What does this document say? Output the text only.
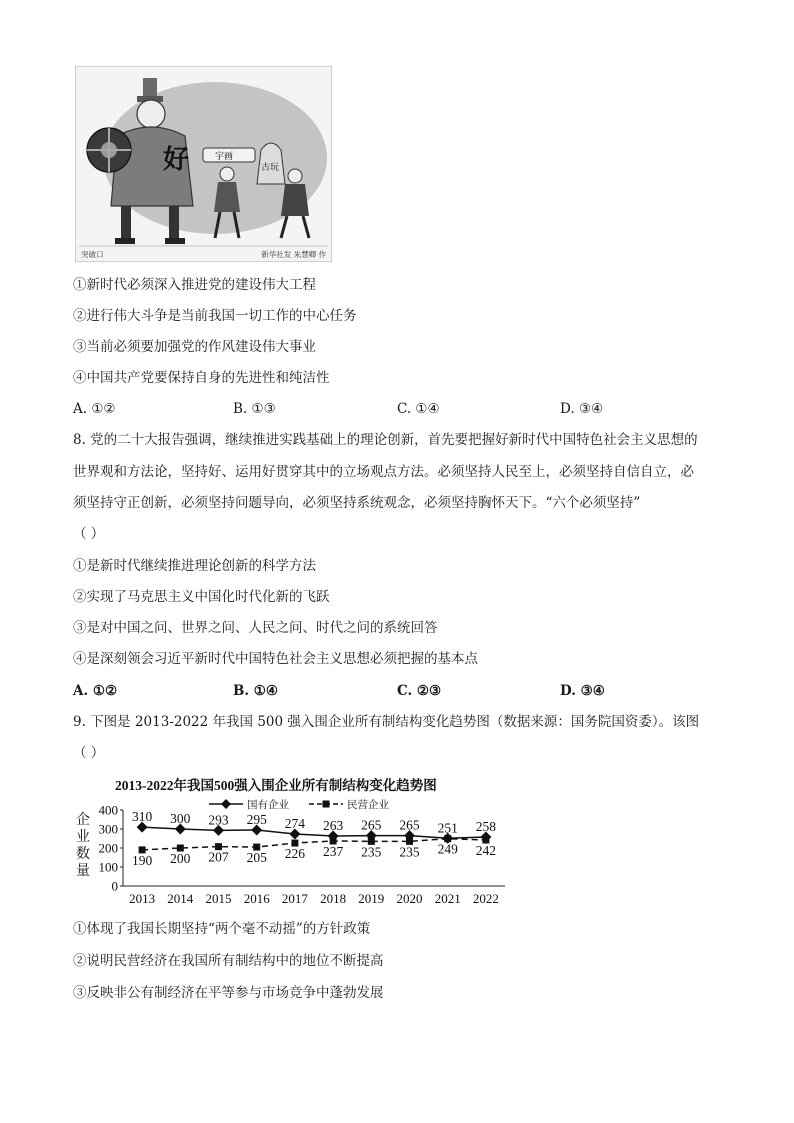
好	宇画
古玩
突破口	新华社发 朱慧卿 作
①新时代必须深入推进党的建设伟大工程
②进行伟大斗争是当前我国一切工作的中心任务
③当前必须要加强党的作风建设伟大事业
④中国共产党要保持自身的先进性和纯洁性
A. ①②	B. ①③	C. ①④	D. ③④
8. 党的二十大报告强调，继续推进实践基础上的理论创新，首先要把握好新时代中国特色社会主义思想的
世界观和方法论，坚持好、运用好贯穿其中的立场观点方法。必须坚持人民至上，必须坚持自信自立，必
须坚持守正创新，必须坚持问题导向，必须坚持系统观念，必须坚持胸怀天下。“六个必须坚持”
（ ）
①是新时代继续推进理论创新的科学方法
②实现了马克思主义中国化时代化新的飞跃
③是对中国之问、世界之问、人民之问、时代之问的系统回答
④是深刻领会习近平新时代中国特色社会主义思想必须把握的基本点
A. ①②	B. ①④	C. ②③	D. ③④
9. 下图是 2013-2022 年我国 500 强入围企业所有制结构变化趋势图（数据来源：国务院国资委）。该图
（ ）
2013-2022年我国500强入围企业所有制结构变化趋势图
国有企业	民营企业
企
业
数
量
0
100
200
300
400
2013 2014 2015 2016 2017 2018 2019 2020 2021 2022
310 300 293 295 274 263 265 265 251 258
190 200 207 205 226 237 235 235 249 242
①体现了我国长期坚持“两个毫不动摇”的方针政策
②说明民营经济在我国所有制结构中的地位不断提高
③反映非公有制经济在平等参与市场竞争中蓬勃发展
